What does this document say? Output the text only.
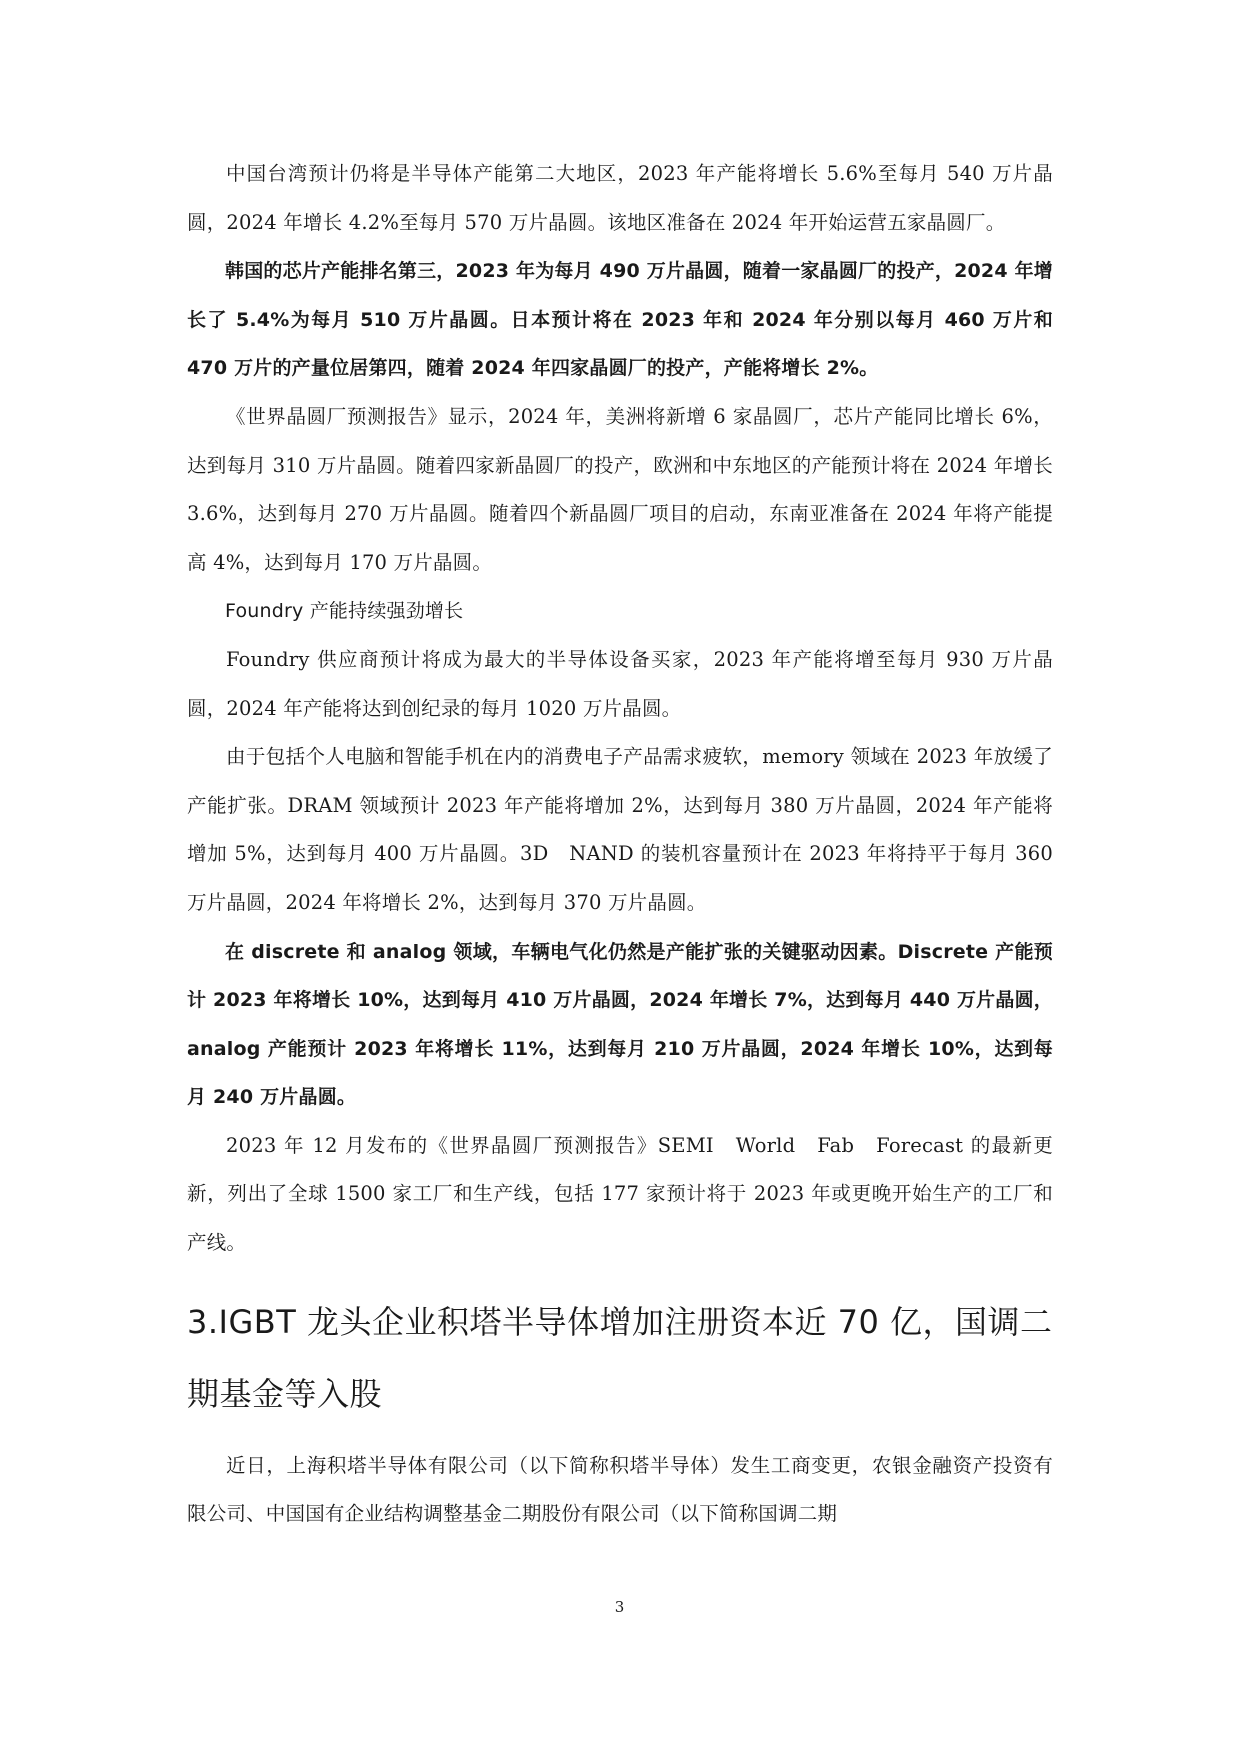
中国台湾预计仍将是半导体产能第二大地区，2023 年产能将增长 5.6%至每月 540 万片晶圆，2024 年增长 4.2%至每月 570 万片晶圆。该地区准备在 2024 年开始运营五家晶圆厂。

韩国的芯片产能排名第三，2023 年为每月 490 万片晶圆，随着一家晶圆厂的投产，2024 年增长了 5.4%为每月 510 万片晶圆。日本预计将在 2023 年和 2024 年分别以每月 460 万片和 470 万片的产量位居第四，随着 2024 年四家晶圆厂的投产，产能将增长 2%。

《世界晶圆厂预测报告》显示，2024 年，美洲将新增 6 家晶圆厂，芯片产能同比增长 6%，达到每月 310 万片晶圆。随着四家新晶圆厂的投产，欧洲和中东地区的产能预计将在 2024 年增长 3.6%，达到每月 270 万片晶圆。随着四个新晶圆厂项目的启动，东南亚准备在 2024 年将产能提高 4%，达到每月 170 万片晶圆。

Foundry 产能持续强劲增长

Foundry 供应商预计将成为最大的半导体设备买家，2023 年产能将增至每月 930 万片晶圆，2024 年产能将达到创纪录的每月 1020 万片晶圆。

由于包括个人电脑和智能手机在内的消费电子产品需求疲软，memory 领域在 2023 年放缓了产能扩张。DRAM 领域预计 2023 年产能将增加 2%，达到每月 380 万片晶圆，2024 年产能将增加 5%，达到每月 400 万片晶圆。3D　NAND 的装机容量预计在 2023 年将持平于每月 360 万片晶圆，2024 年将增长 2%，达到每月 370 万片晶圆。

在 discrete 和 analog 领域，车辆电气化仍然是产能扩张的关键驱动因素。Discrete 产能预计 2023 年将增长 10%，达到每月 410 万片晶圆，2024 年增长 7%，达到每月 440 万片晶圆，analog 产能预计 2023 年将增长 11%，达到每月 210 万片晶圆，2024 年增长 10%，达到每月 240 万片晶圆。

2023 年 12 月发布的《世界晶圆厂预测报告》SEMI　World　Fab　Forecast 的最新更新，列出了全球 1500 家工厂和生产线，包括 177 家预计将于 2023 年或更晚开始生产的工厂和产线。

3.IGBT 龙头企业积塔半导体增加注册资本近 70 亿，国调二期基金等入股

近日，上海积塔半导体有限公司（以下简称积塔半导体）发生工商变更，农银金融资产投资有限公司、中国国有企业结构调整基金二期股份有限公司（以下简称国调二期

3
